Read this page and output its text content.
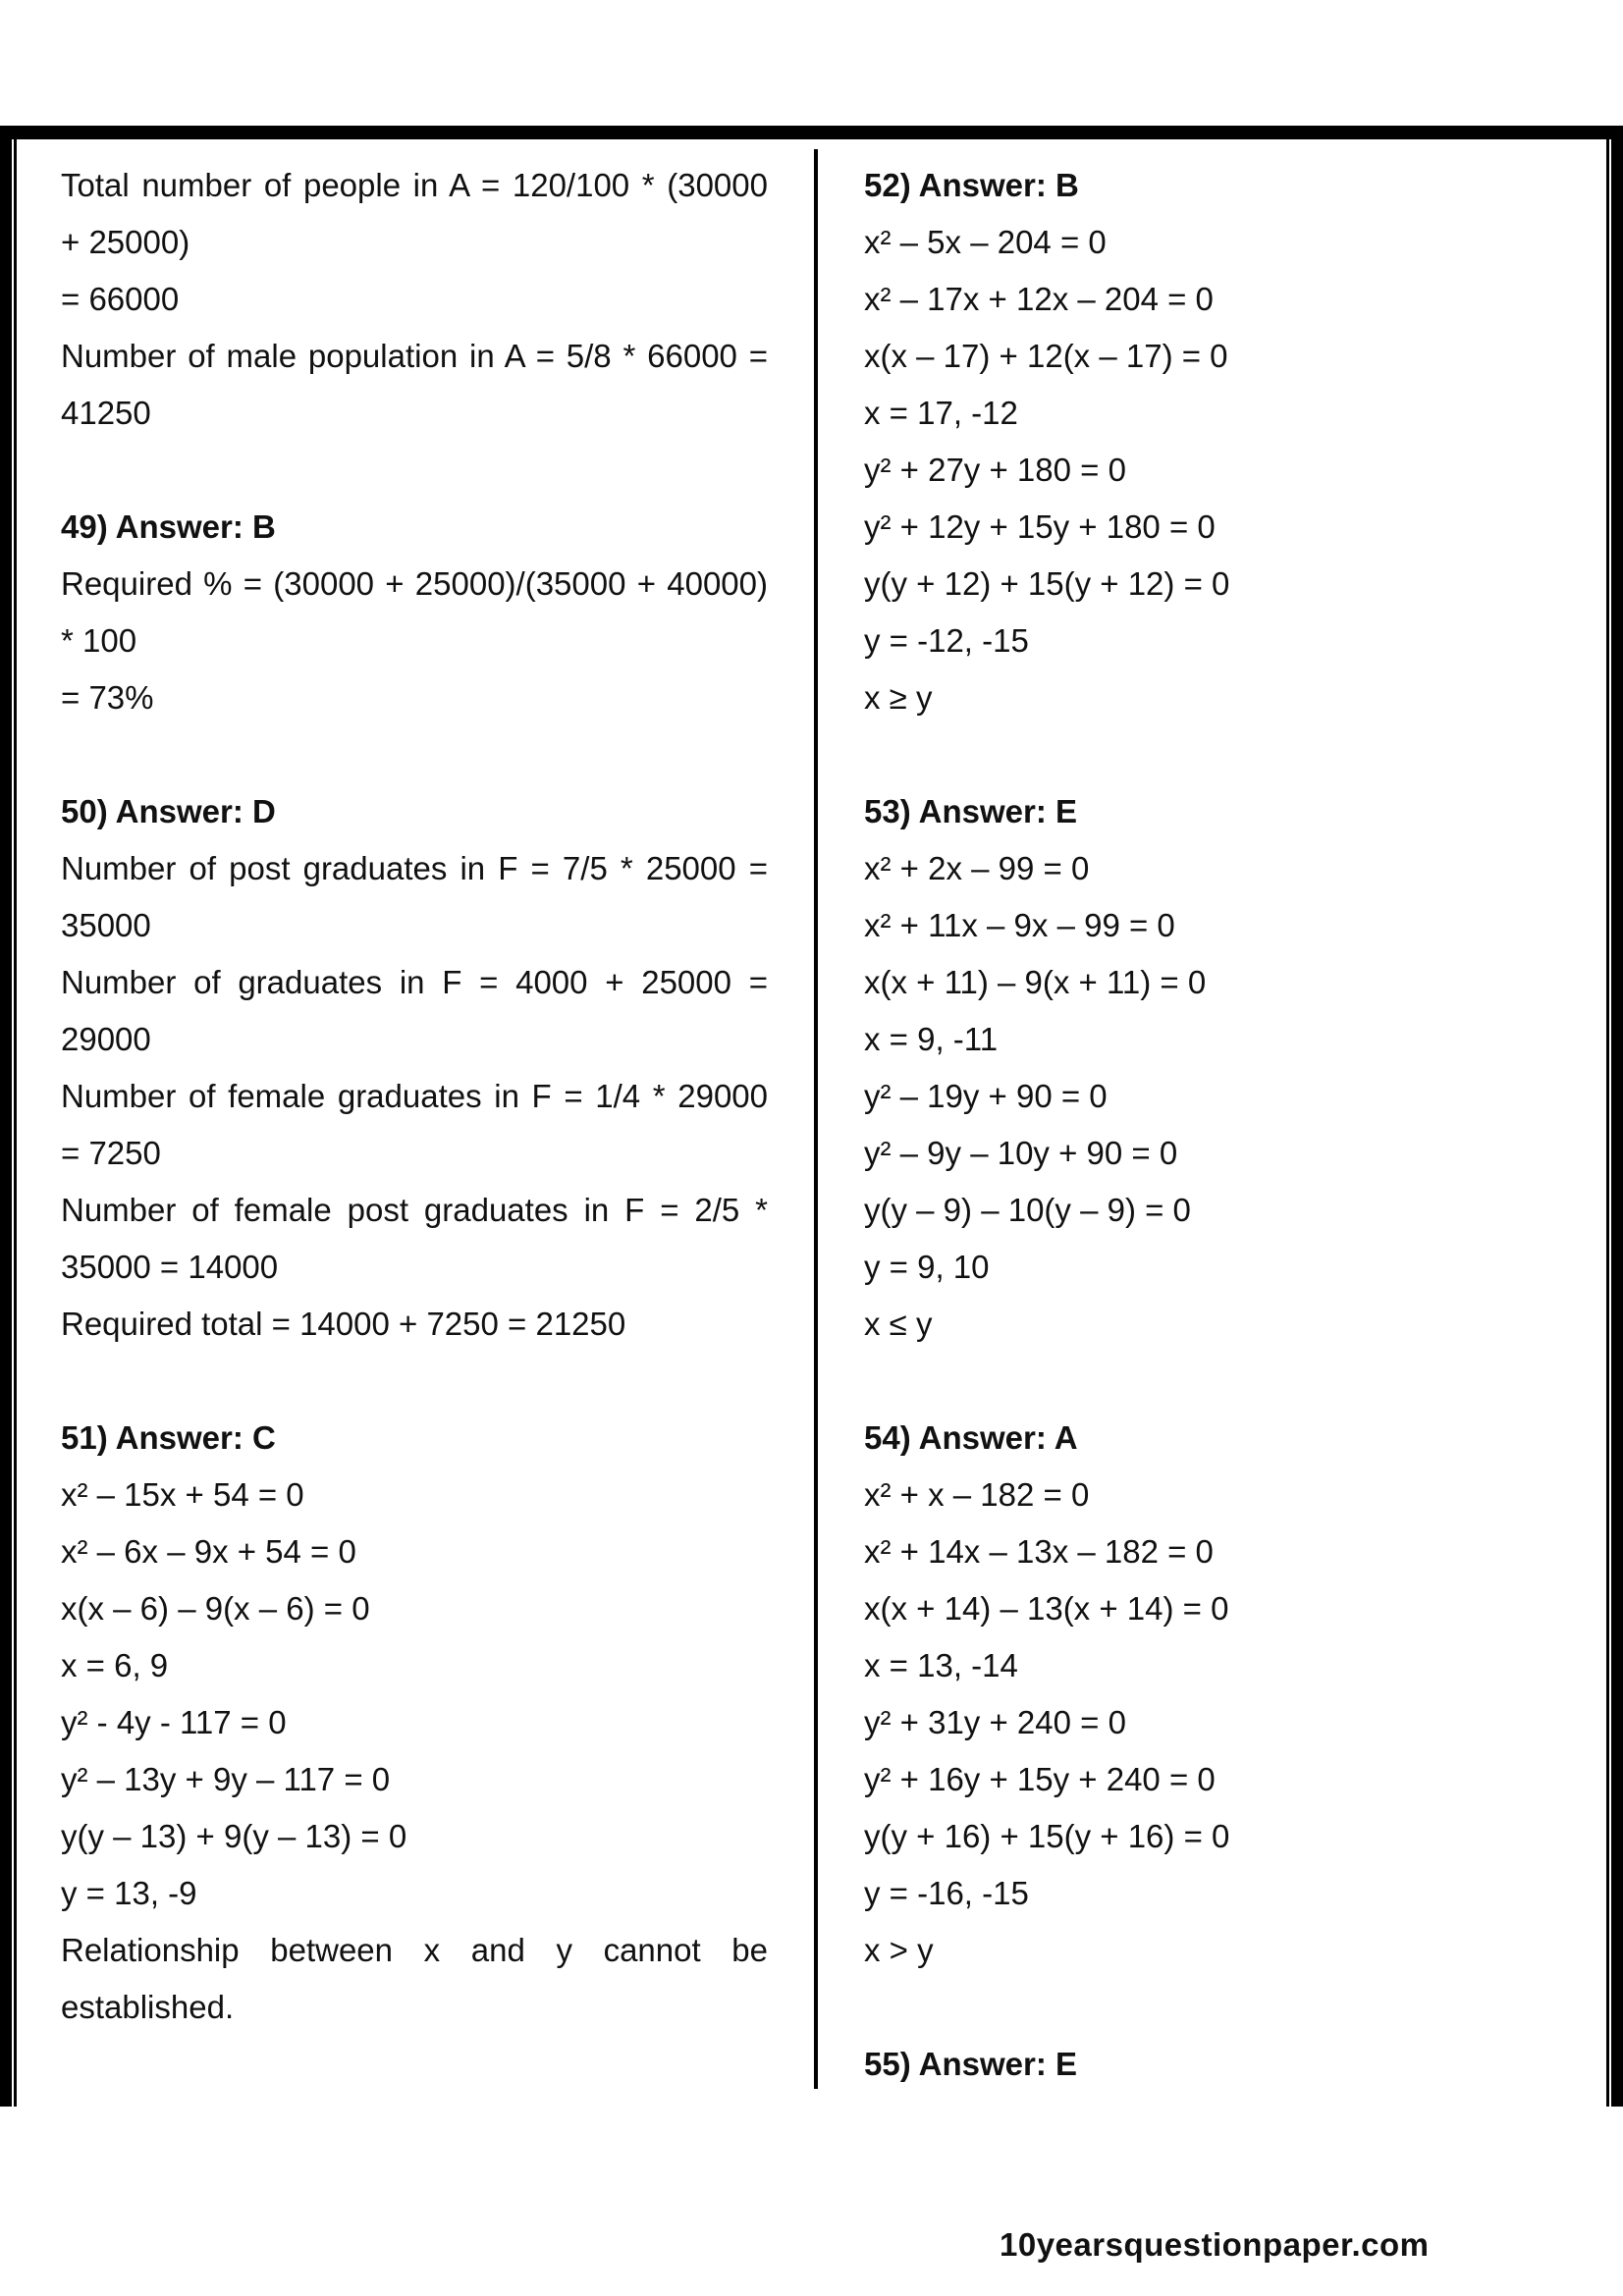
Total number of people in A = 120/100 * (30000
+ 25000)
= 66000
Number of male population in A = 5/8 * 66000 =
41250
49) Answer: B
Required % = (30000 + 25000)/(35000 + 40000)
* 100
= 73%
50) Answer: D
Number of post graduates in F = 7/5 * 25000 =
35000
Number of graduates in F = 4000 + 25000 =
29000
Number of female graduates in F = 1/4 * 29000
= 7250
Number of female post graduates in F = 2/5 *
35000 = 14000
Required total = 14000 + 7250 = 21250
51) Answer: C
x² – 15x + 54 = 0
x² – 6x – 9x + 54 = 0
x(x – 6) – 9(x – 6) = 0
x = 6, 9
y² - 4y - 117 = 0
y² – 13y + 9y – 117 = 0
y(y – 13) + 9(y – 13) = 0
y = 13, -9
Relationship between x and y cannot be
established.
52) Answer: B
x² – 5x – 204 = 0
x² – 17x + 12x – 204 = 0
x(x – 17) + 12(x – 17) = 0
x = 17, -12
y² + 27y + 180 = 0
y² + 12y + 15y + 180 = 0
y(y + 12) + 15(y + 12) = 0
y = -12, -15
x ≥ y
53) Answer: E
x² + 2x – 99 = 0
x² + 11x – 9x – 99 = 0
x(x + 11) – 9(x + 11) = 0
x = 9, -11
y² – 19y + 90 = 0
y² – 9y – 10y + 90 = 0
y(y – 9) – 10(y – 9) = 0
y = 9, 10
x ≤ y
54) Answer: A
x² + x – 182 = 0
x² + 14x – 13x – 182 = 0
x(x + 14) – 13(x + 14) = 0
x = 13, -14
y² + 31y + 240 = 0
y² + 16y + 15y + 240 = 0
y(y + 16) + 15(y + 16) = 0
y = -16, -15
x > y
55) Answer: E
10yearsquestionpaper.com
